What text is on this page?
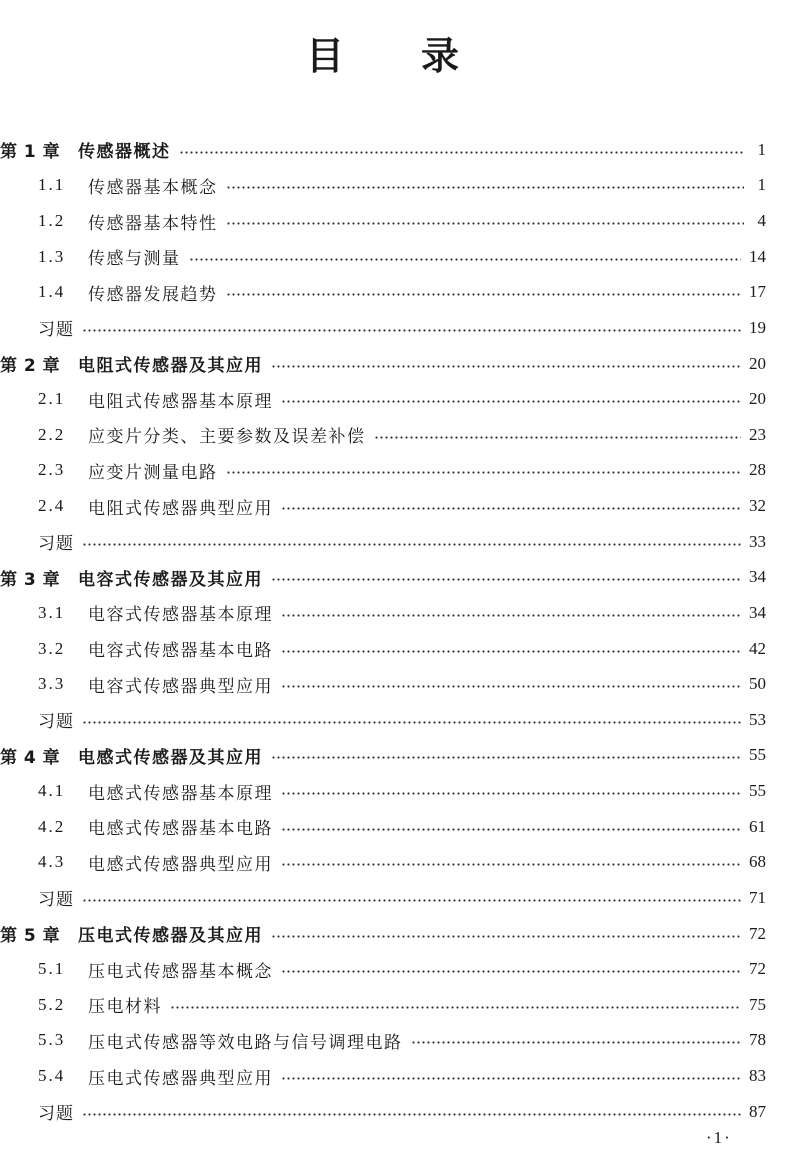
目 录
第 1 章	传感器概述	1
1.1	传感器基本概念	1
1.2	传感器基本特性	4
1.3	传感与测量	14
1.4	传感器发展趋势	17
习题	19
第 2 章	电阻式传感器及其应用	20
2.1	电阻式传感器基本原理	20
2.2	应变片分类、主要参数及误差补偿	23
2.3	应变片测量电路	28
2.4	电阻式传感器典型应用	32
习题	33
第 3 章	电容式传感器及其应用	34
3.1	电容式传感器基本原理	34
3.2	电容式传感器基本电路	42
3.3	电容式传感器典型应用	50
习题	53
第 4 章	电感式传感器及其应用	55
4.1	电感式传感器基本原理	55
4.2	电感式传感器基本电路	61
4.3	电感式传感器典型应用	68
习题	71
第 5 章	压电式传感器及其应用	72
5.1	压电式传感器基本概念	72
5.2	压电材料	75
5.3	压电式传感器等效电路与信号调理电路	78
5.4	压电式传感器典型应用	83
习题	87
·1·
